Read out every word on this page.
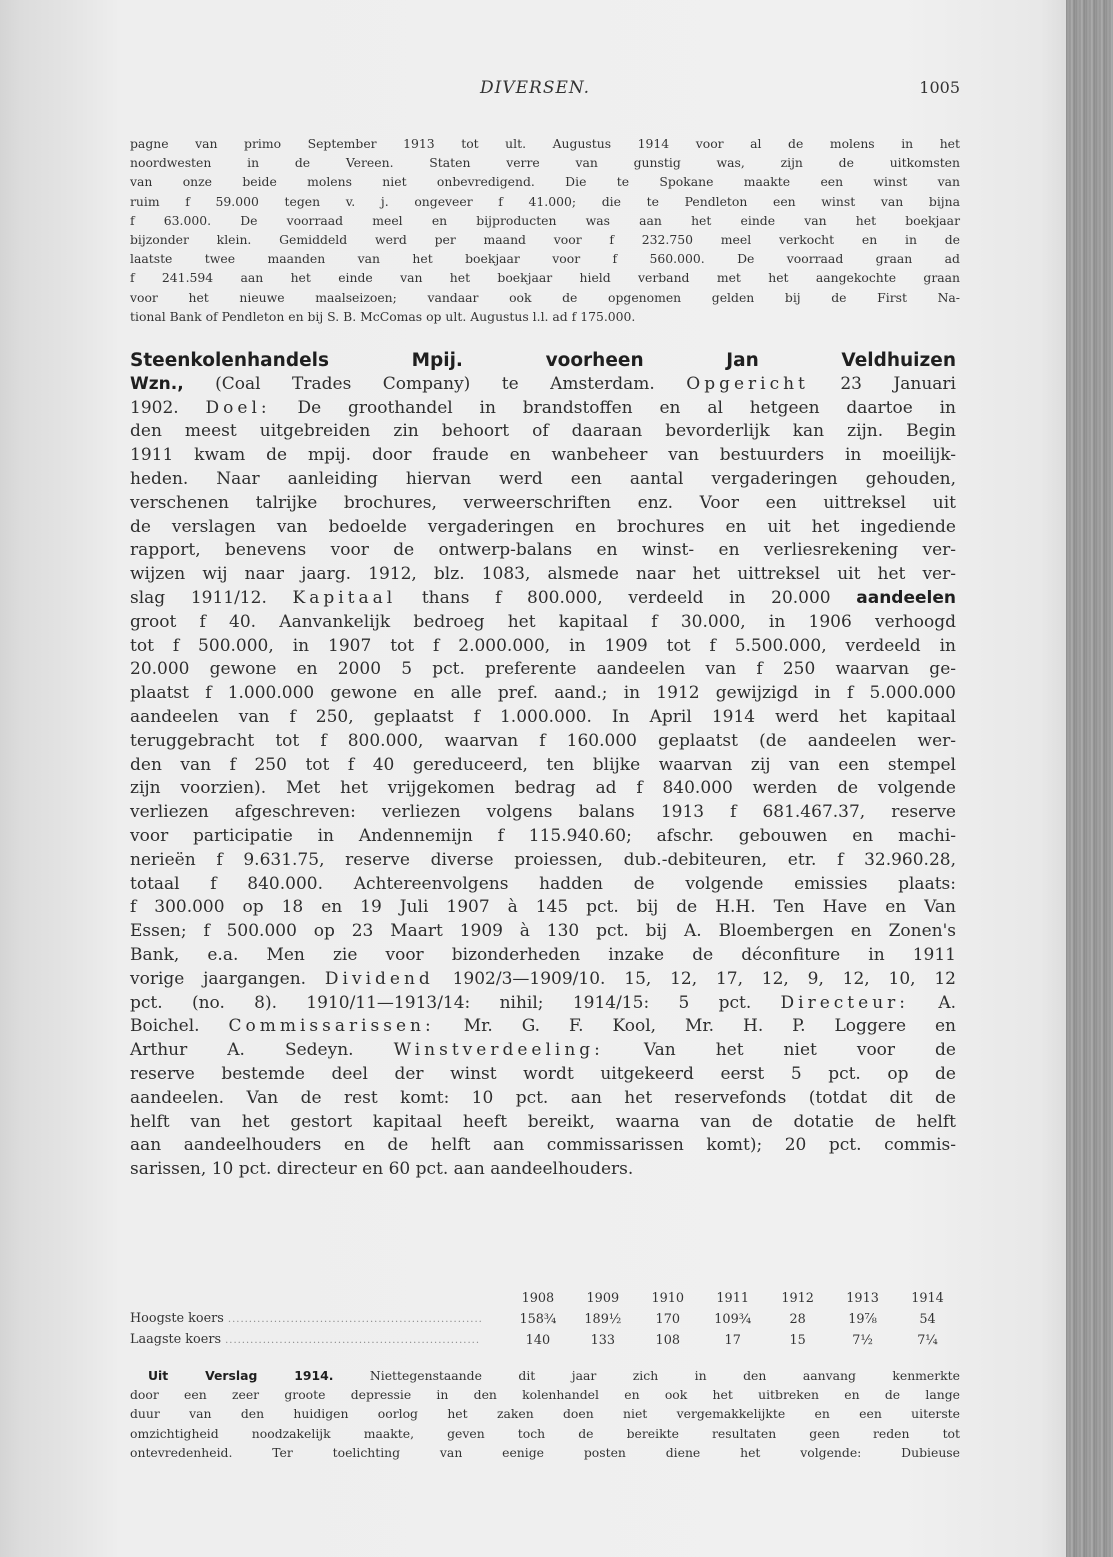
DIVERSEN.	1005
pagne van primo September 1913 tot ult. Augustus 1914 voor al de molens in het
noordwesten in de Vereen. Staten verre van gunstig was, zijn de uitkomsten
van onze beide molens niet onbevredigend. Die te Spokane maakte een winst van
ruim f 59.000 tegen v. j. ongeveer f 41.000; die te Pendleton een winst van bijna
f 63.000. De voorraad meel en bijproducten was aan het einde van het boekjaar
bijzonder klein. Gemiddeld werd per maand voor f 232.750 meel verkocht en in de
laatste twee maanden van het boekjaar voor f 560.000. De voorraad graan ad
f 241.594 aan het einde van het boekjaar hield verband met het aangekochte graan
voor het nieuwe maalseizoen; vandaar ook de opgenomen gelden bij de First Na-
tional Bank of Pendleton en bij S. B. McComas op ult. Augustus l.l. ad f 175.000.
Steenkolenhandels Mpij. voorheen Jan Veldhuizen
Wzn., (Coal Trades Company) te Amsterdam. Opgericht 23 Januari
1902. Doel: De groothandel in brandstoffen en al hetgeen daartoe in
den meest uitgebreiden zin behoort of daaraan bevorderlijk kan zijn. Begin
1911 kwam de mpij. door fraude en wanbeheer van bestuurders in moeilijk-
heden. Naar aanleiding hiervan werd een aantal vergaderingen gehouden,
verschenen talrijke brochures, verweerschriften enz. Voor een uittreksel uit
de verslagen van bedoelde vergaderingen en brochures en uit het ingediende
rapport, benevens voor de ontwerp-balans en winst- en verliesrekening ver-
wijzen wij naar jaarg. 1912, blz. 1083, alsmede naar het uittreksel uit het ver-
slag 1911/12. Kapitaal thans f 800.000, verdeeld in 20.000 aandeelen
groot f 40. Aanvankelijk bedroeg het kapitaal f 30.000, in 1906 verhoogd
tot f 500.000, in 1907 tot f 2.000.000, in 1909 tot f 5.500.000, verdeeld in
20.000 gewone en 2000 5 pct. preferente aandeelen van f 250 waarvan ge-
plaatst f 1.000.000 gewone en alle pref. aand.; in 1912 gewijzigd in f 5.000.000
aandeelen van f 250, geplaatst f 1.000.000. In April 1914 werd het kapitaal
teruggebracht tot f 800.000, waarvan f 160.000 geplaatst (de aandeelen wer-
den van f 250 tot f 40 gereduceerd, ten blijke waarvan zij van een stempel
zijn voorzien). Met het vrijgekomen bedrag ad f 840.000 werden de volgende
verliezen afgeschreven: verliezen volgens balans 1913 f 681.467.37, reserve
voor participatie in Andennemijn f 115.940.60; afschr. gebouwen en machi-
nerieën f 9.631.75, reserve diverse proiessen, dub.-debiteuren, etr. f 32.960.28,
totaal f 840.000. Achtereenvolgens hadden de volgende emissies plaats:
f 300.000 op 18 en 19 Juli 1907 à 145 pct. bij de H.H. Ten Have en Van
Essen; f 500.000 op 23 Maart 1909 à 130 pct. bij A. Bloembergen en Zonen's
Bank, e.a. Men zie voor bizonderheden inzake de déconfiture in 1911
vorige jaargangen. Dividend 1902/3—1909/10. 15, 12, 17, 12, 9, 12, 10, 12
pct. (no. 8). 1910/11—1913/14: nihil; 1914/15: 5 pct. Directeur: A.
Boichel. Commissarissen: Mr. G. F. Kool, Mr. H. P. Loggere en
Arthur A. Sedeyn. Winstverdeeling: Van het niet voor de
reserve bestemde deel der winst wordt uitgekeerd eerst 5 pct. op de
aandeelen. Van de rest komt: 10 pct. aan het reservefonds (totdat dit de
helft van het gestort kapitaal heeft bereikt, waarna van de dotatie de helft
aan aandeelhouders en de helft aan commissarissen komt); 20 pct. commis-
sarissen, 10 pct. directeur en 60 pct. aan aandeelhouders.
	1908	1909	1910	1911	1912	1913	1914
Hoogste koers .............................................................	158¾	189½	170	109¾	28	19⅞	54
Laagste koers .............................................................	140	133	108	17	15	7½	7¼
Uit Verslag 1914. Niettegenstaande dit jaar zich in den aanvang kenmerkte
door een zeer groote depressie in den kolenhandel en ook het uitbreken en de lange
duur van den huidigen oorlog het zaken doen niet vergemakkelijkte en een uiterste
omzichtigheid noodzakelijk maakte, geven toch de bereikte resultaten geen reden tot
ontevredenheid. Ter toelichting van eenige posten diene het volgende: Dubieuse
